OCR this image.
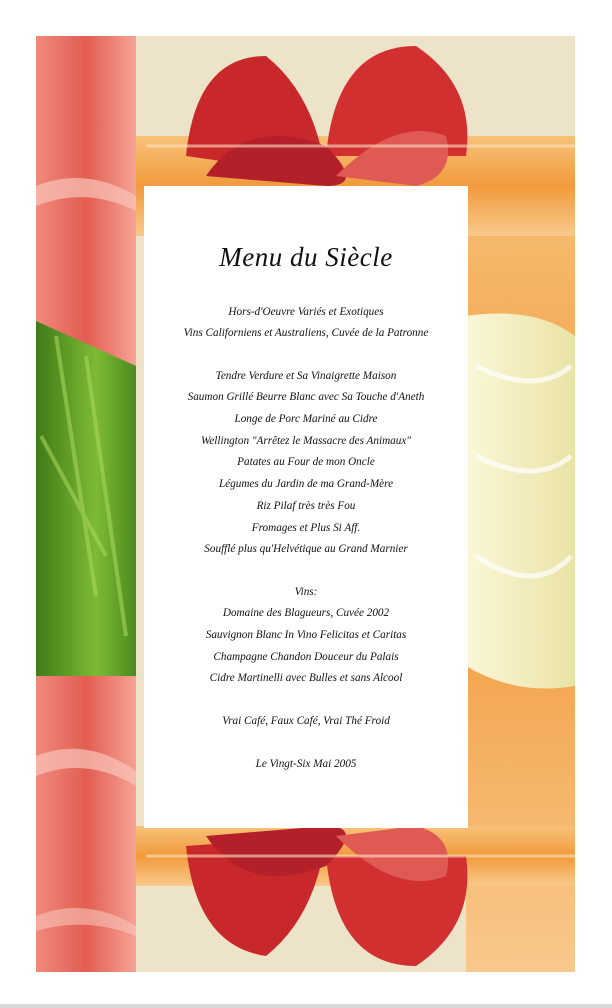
Menu du Siècle
Hors-d'Oeuvre Variés et Exotiques
Vins Californiens et Australiens, Cuvée de la Patronne
Tendre Verdure et Sa Vinaigrette Maison
Saumon Grillé Beurre Blanc avec Sa Touche d'Aneth
Longe de Porc Mariné au Cidre
Wellington "Arrêtez le Massacre des Animaux"
Patates au Four de mon Oncle
Légumes du Jardin de ma Grand-Mère
Riz Pilaf très très Fou
Fromages et Plus Si Aff.
Soufflé plus qu'Helvétique au Grand Marnier
Vins:
Domaine des Blagueurs, Cuvée 2002
Sauvignon Blanc In Vino Felicitas et Caritas
Champagne Chandon Douceur du Palais
Cidre Martinelli avec Bulles et sans Alcool
Vrai Café, Faux Café, Vrai Thé Froid
Le Vingt-Six Mai 2005
